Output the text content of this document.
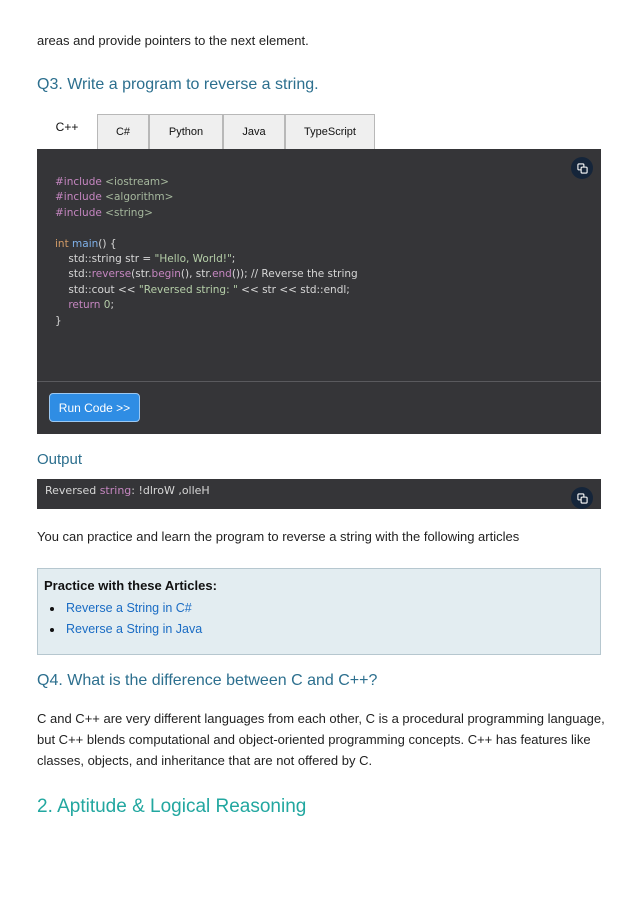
areas and provide pointers to the next element.
Q3. Write a program to reverse a string.
C++	C#	Python	Java	TypeScript
#include <iostream>
#include <algorithm>
#include <string>

int main() {
std::string str = "Hello, World!";
std::reverse(str.begin(), str.end()); // Reverse the string
std::cout << "Reversed string: " << str << std::endl;
return 0;
}
Run Code >>
Output
Reversed string: !dlroW ,olleH
You can practice and learn the program to reverse a string with the following articles
Practice with these Articles:
Reverse a String in C#
Reverse a String in Java
Q4. What is the difference between C and C++?
C and C++ are very different languages from each other, C is a procedural programming language, but C++ blends computational and object-oriented programming concepts. C++ has features like classes, objects, and inheritance that are not offered by C.
2. Aptitude & Logical Reasoning
